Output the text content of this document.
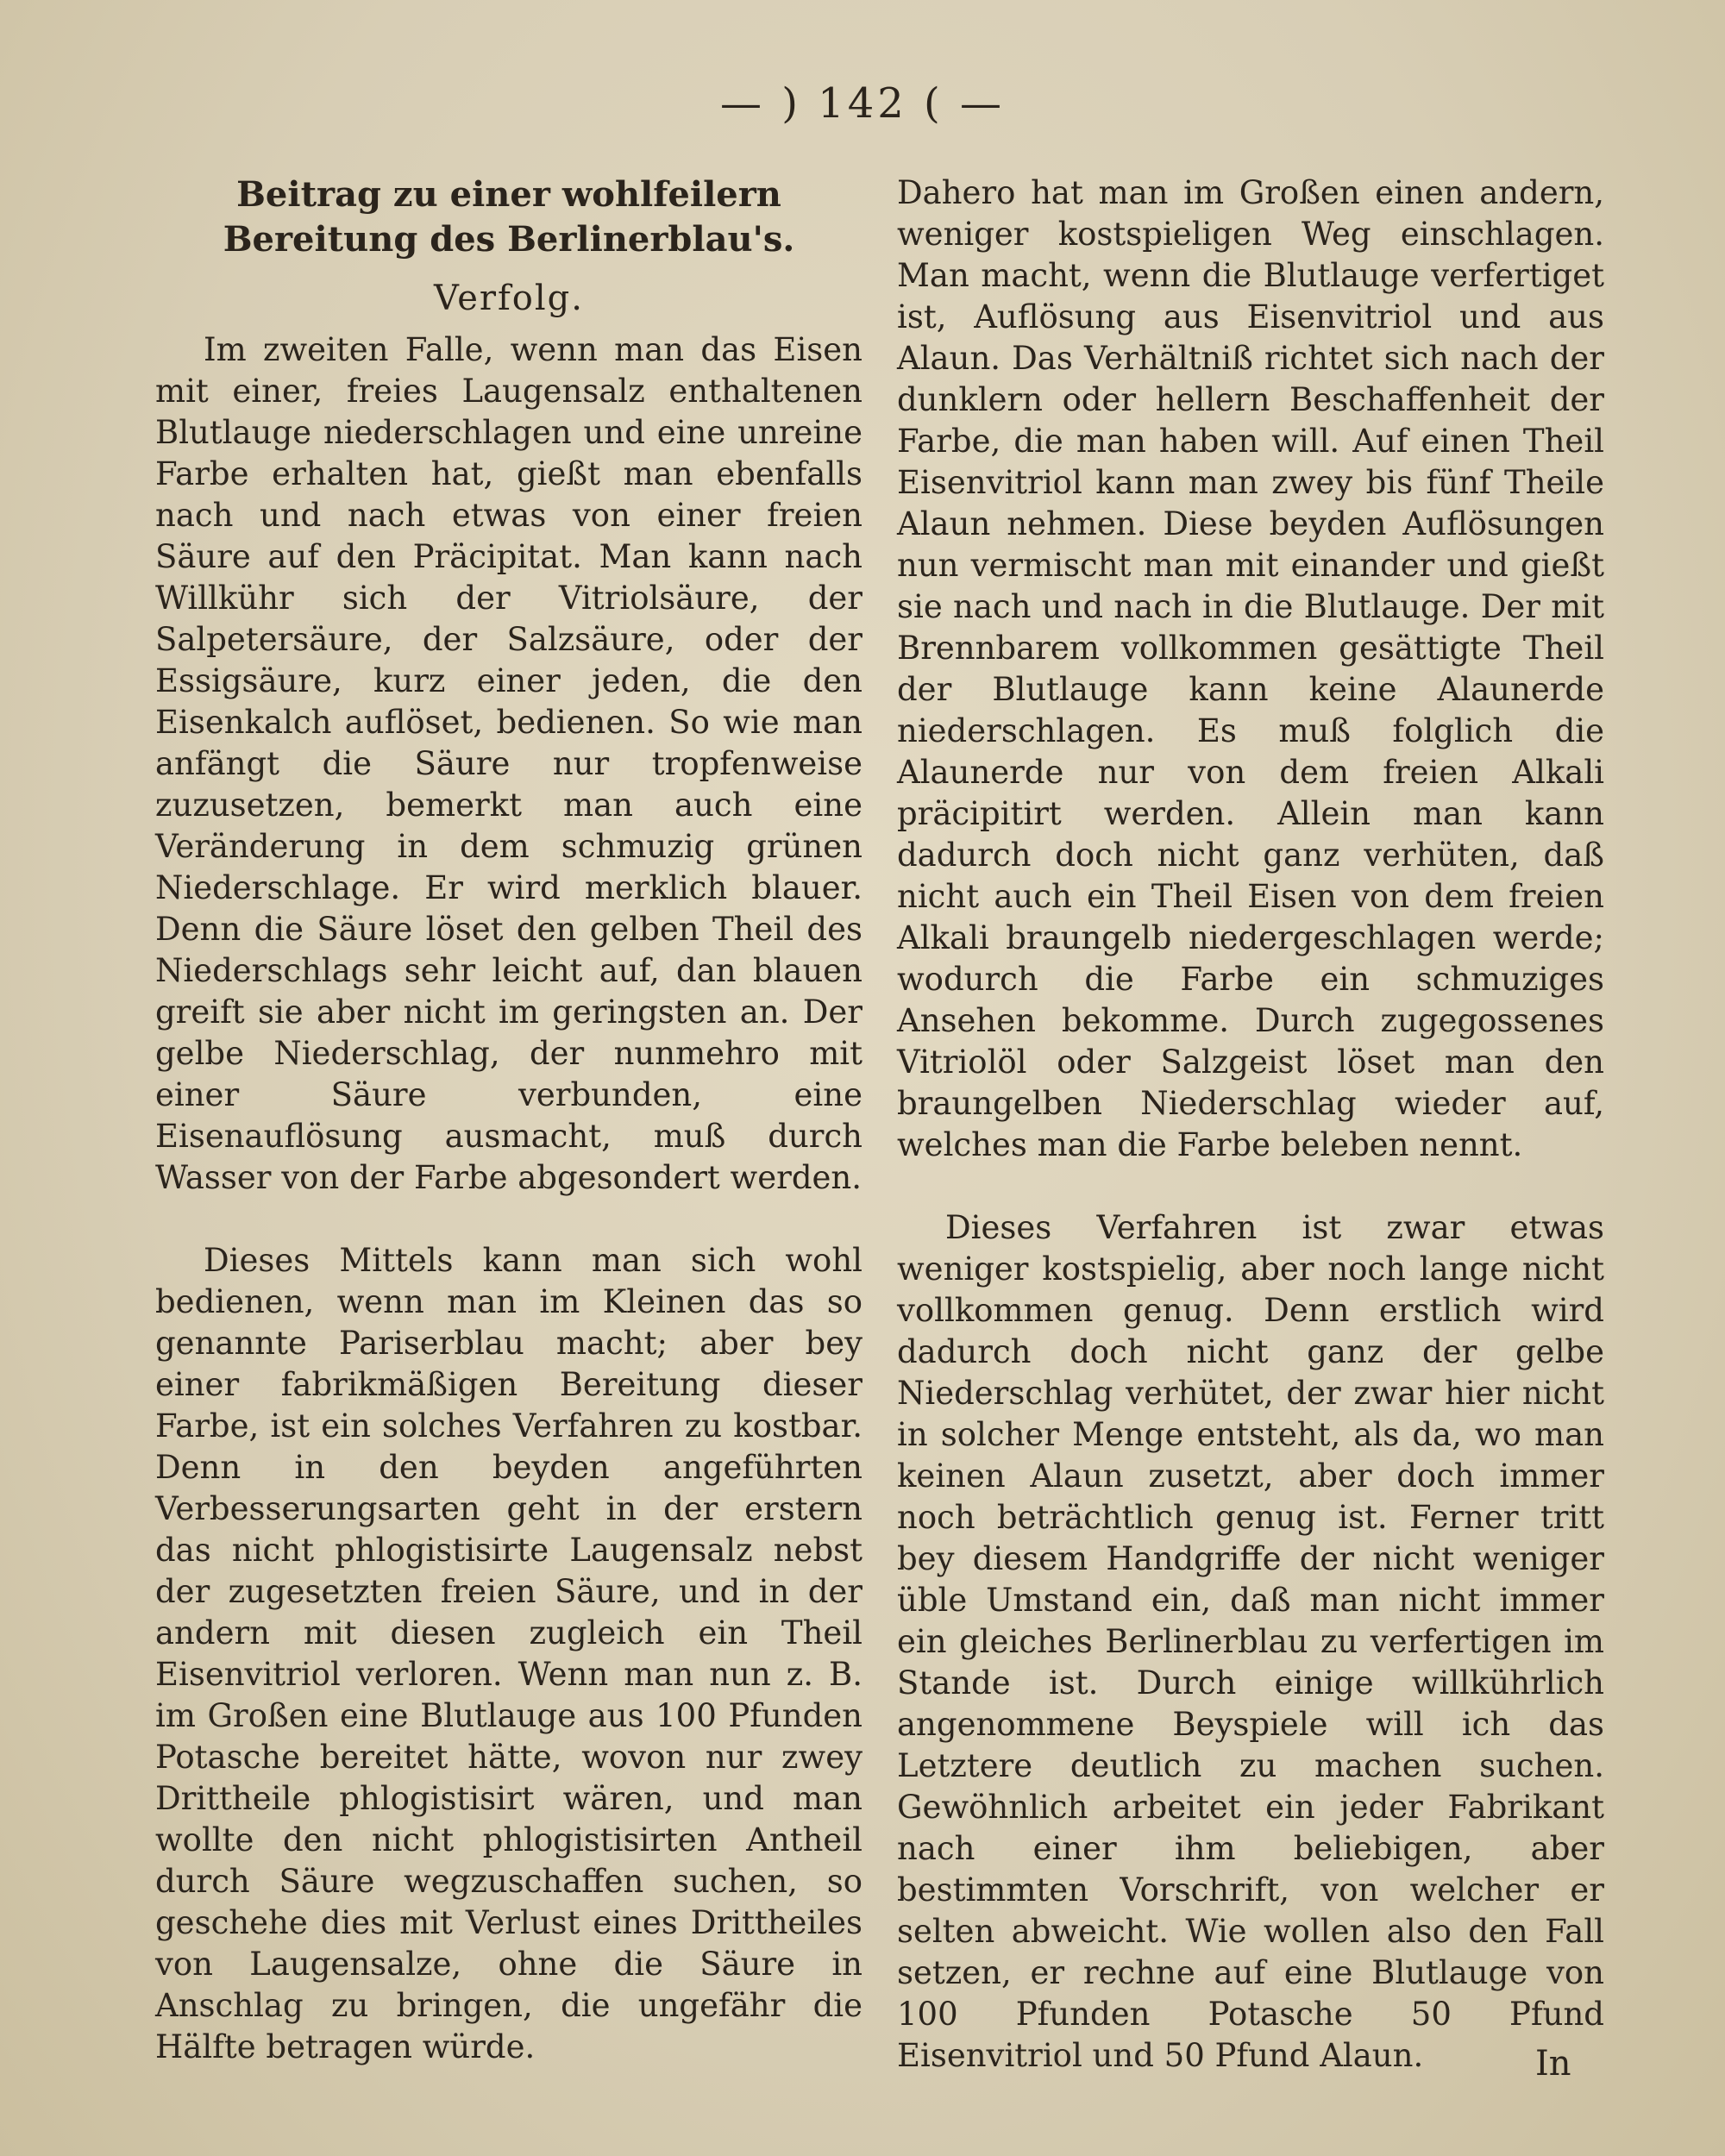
— ) 142 ( —
Beitrag zu einer wohlfeilern Bereitung des Berlinerblau's.
Verfolg.

Im zweiten Falle, wenn man das Eisen mit einer, freies Laugensalz enthaltenen Blutlauge niederschlagen und eine unreine Farbe erhalten hat, gießt man ebenfalls nach und nach etwas von einer freien Säure auf den Präcipitat. Man kann nach Willkühr sich der Vitriolsäure, der Salpetersäure, der Salzsäure, oder der Essigsäure, kurz einer jeden, die den Eisenkalch auflöset, bedienen. So wie man anfängt die Säure nur tropfenweise zuzusetzen, bemerkt man auch eine Veränderung in dem schmuzig grünen Niederschlage. Er wird merklich blauer. Denn die Säure löset den gelben Theil des Niederschlags sehr leicht auf, dan blauen greift sie aber nicht im geringsten an. Der gelbe Niederschlag, der nunmehro mit einer Säure verbunden, eine Eisenauflösung ausmacht, muß durch Wasser von der Farbe abgesondert werden.

Dieses Mittels kann man sich wohl bedienen, wenn man im Kleinen das so genannte Pariserblau macht; aber bey einer fabrikmäßigen Bereitung dieser Farbe, ist ein solches Verfahren zu kostbar. Denn in den beyden angeführten Verbesserungsarten geht in der erstern das nicht phlogistisirte Laugensalz nebst der zugesetzten freien Säure, und in der andern mit diesen zugleich ein Theil Eisenvitriol verloren. Wenn man nun z. B. im Großen eine Blutlauge aus 100 Pfunden Potasche bereitet hätte, wovon nur zwey Drittheile phlogistisirt wären, und man wollte den nicht phlogistisirten Antheil durch Säure wegzuschaffen suchen, so geschehe dies mit Verlust eines Drittheiles von Laugensalze, ohne die Säure in Anschlag zu bringen, die ungefähr die Hälfte betragen würde.

Dahero hat man im Großen einen andern, weniger kostspieligen Weg einschlagen. Man macht, wenn die Blutlauge verfertiget ist, Auflösung aus Eisenvitriol und aus Alaun. Das Verhältniß richtet sich nach der dunklern oder hellern Beschaffenheit der Farbe, die man haben will. Auf einen Theil Eisenvitriol kann man zwey bis fünf Theile Alaun nehmen. Diese beyden Auflösungen nun vermischt man mit einander und gießt sie nach und nach in die Blutlauge. Der mit Brennbarem vollkommen gesättigte Theil der Blutlauge kann keine Alaunerde niederschlagen. Es muß folglich die Alaunerde nur von dem freien Alkali präcipitirt werden. Allein man kann dadurch doch nicht ganz verhüten, daß nicht auch ein Theil Eisen von dem freien Alkali braungelb niedergeschlagen werde; wodurch die Farbe ein schmuziges Ansehen bekomme. Durch zugegossenes Vitriolöl oder Salzgeist löset man den braungelben Niederschlag wieder auf, welches man die Farbe beleben nennt.

Dieses Verfahren ist zwar etwas weniger kostspielig, aber noch lange nicht vollkommen genug. Denn erstlich wird dadurch doch nicht ganz der gelbe Niederschlag verhütet, der zwar hier nicht in solcher Menge entsteht, als da, wo man keinen Alaun zusetzt, aber doch immer noch beträchtlich genug ist. Ferner tritt bey diesem Handgriffe der nicht weniger üble Umstand ein, daß man nicht immer ein gleiches Berlinerblau zu verfertigen im Stande ist. Durch einige willkührlich angenommene Beyspiele will ich das Letztere deutlich zu machen suchen. Gewöhnlich arbeitet ein jeder Fabrikant nach einer ihm beliebigen, aber bestimmten Vorschrift, von welcher er selten abweicht. Wie wollen also den Fall setzen, er rechne auf eine Blutlauge von 100 Pfunden Potasche 50 Pfund Eisenvitriol und 50 Pfund Alaun.	In
